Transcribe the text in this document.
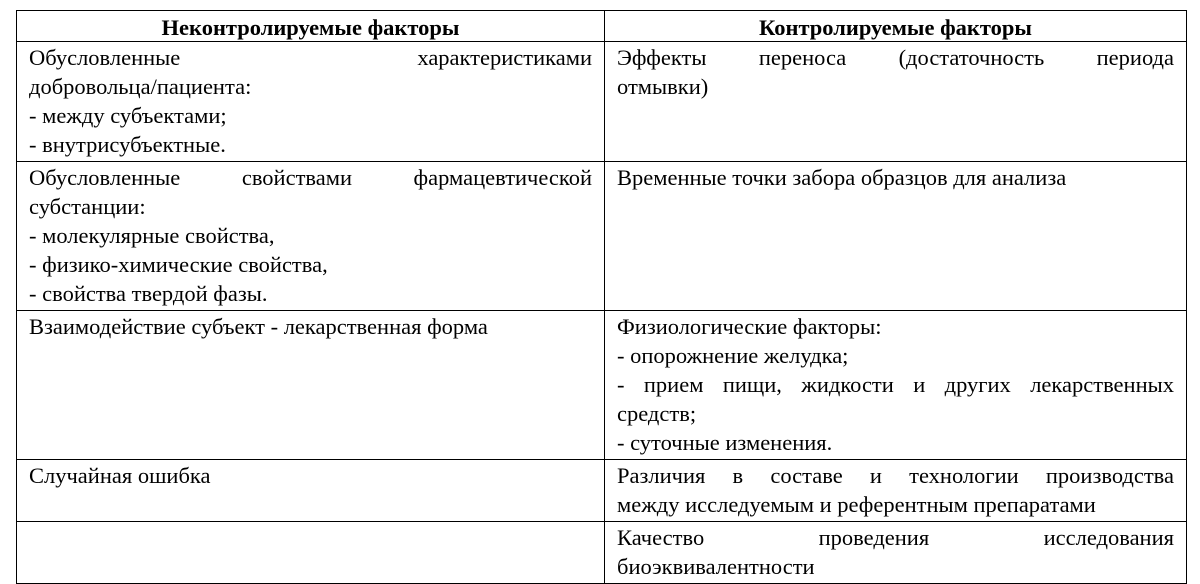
Неконтролируемые факторы	Контролируемые факторы

Обусловленные характеристиками
добровольца/пациента:
- между субъектами;
- внутрисубъектные.	Эффекты переноса (достаточность периода
отмывки)

Обусловленные свойствами фармацевтической
субстанции:
- молекулярные свойства,
- физико-химические свойства,
- свойства твердой фазы.	Временные точки забора образцов для анализа

Взаимодействие субъект - лекарственная форма	Физиологические факторы:
- опорожнение желудка;
- прием пищи, жидкости и других лекарственных
средств;
- суточные изменения.

Случайная ошибка	Различия в составе и технологии производства
между исследуемым и референтным препаратами

	Качество проведения исследования
биоэквивалентности
